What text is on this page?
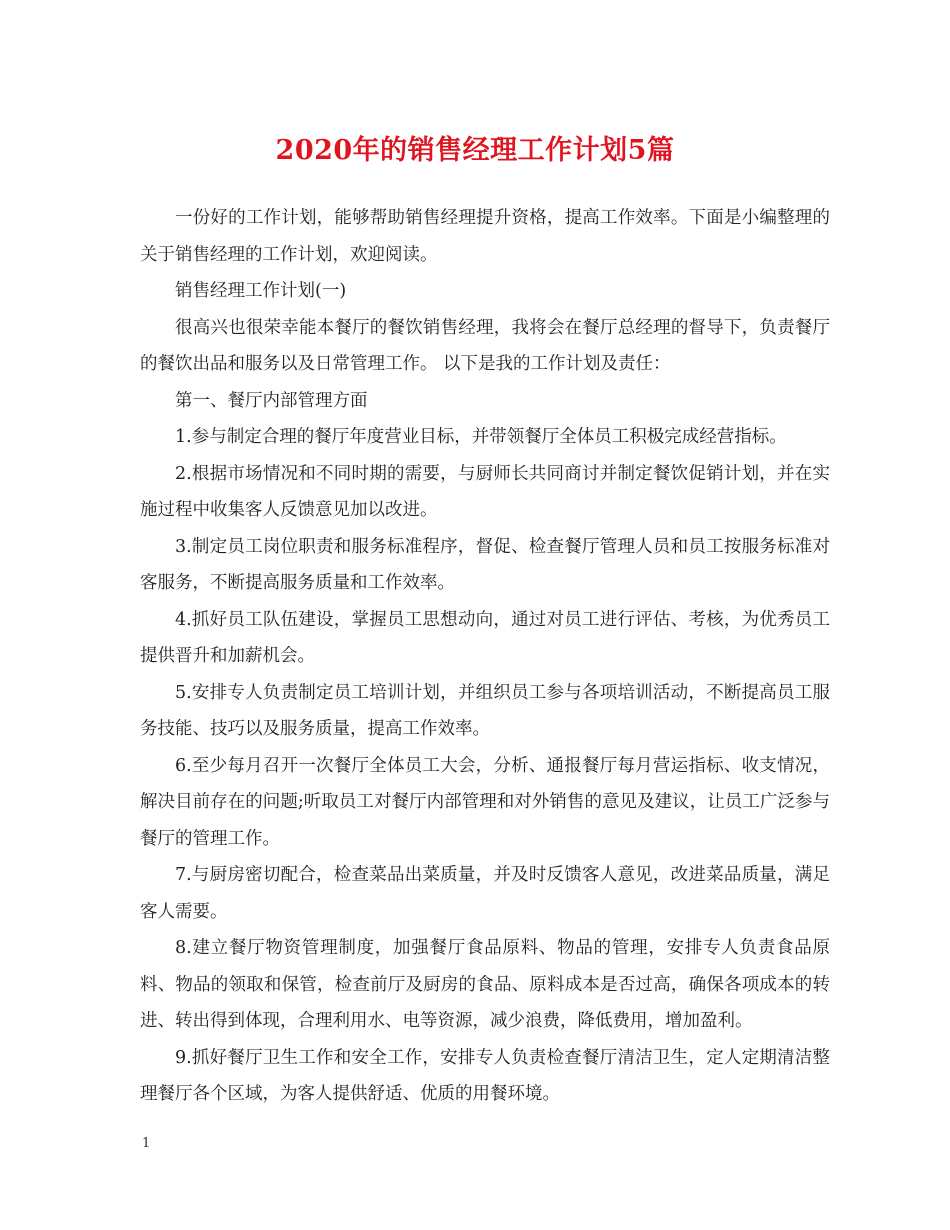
2020年的销售经理工作计划5篇

一份好的工作计划，能够帮助销售经理提升资格，提高工作效率。下面是小编整理的关于销售经理的工作计划，欢迎阅读。

销售经理工作计划(一)

很高兴也很荣幸能本餐厅的餐饮销售经理，我将会在餐厅总经理的督导下，负责餐厅的餐饮出品和服务以及日常管理工作。 以下是我的工作计划及责任：

第一、餐厅内部管理方面

1.参与制定合理的餐厅年度营业目标，并带领餐厅全体员工积极完成经营指标。

2.根据市场情况和不同时期的需要，与厨师长共同商讨并制定餐饮促销计划，并在实施过程中收集客人反馈意见加以改进。

3.制定员工岗位职责和服务标准程序，督促、检查餐厅管理人员和员工按服务标准对客服务，不断提高服务质量和工作效率。

4.抓好员工队伍建设，掌握员工思想动向，通过对员工进行评估、考核，为优秀员工提供晋升和加薪机会。

5.安排专人负责制定员工培训计划，并组织员工参与各项培训活动，不断提高员工服务技能、技巧以及服务质量，提高工作效率。

6.至少每月召开一次餐厅全体员工大会，分析、通报餐厅每月营运指标、收支情况，解决目前存在的问题;听取员工对餐厅内部管理和对外销售的意见及建议，让员工广泛参与餐厅的管理工作。

7.与厨房密切配合，检查菜品出菜质量，并及时反馈客人意见，改进菜品质量，满足客人需要。

8.建立餐厅物资管理制度，加强餐厅食品原料、物品的管理，安排专人负责食品原料、物品的领取和保管，检查前厅及厨房的食品、原料成本是否过高，确保各项成本的转进、转出得到体现，合理利用水、电等资源，减少浪费，降低费用，增加盈利。

9.抓好餐厅卫生工作和安全工作，安排专人负责检查餐厅清洁卫生，定人定期清洁整理餐厅各个区域，为客人提供舒适、优质的用餐环境。

1
